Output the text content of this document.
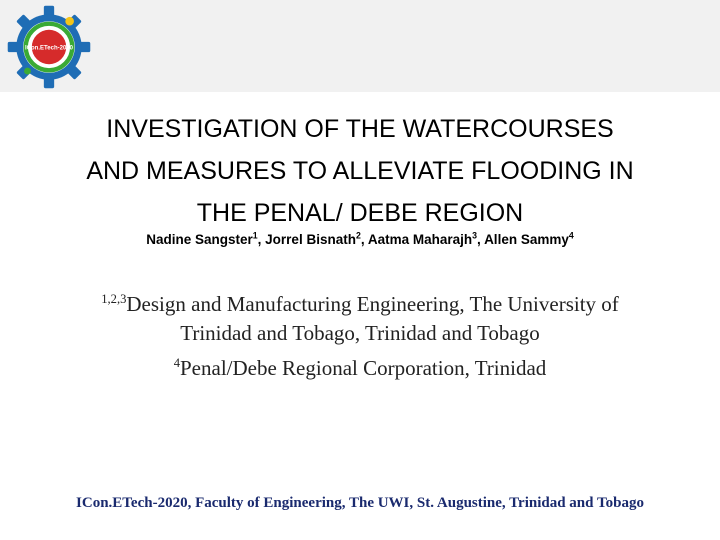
ICon.ETech-2020
INVESTIGATION OF THE WATERCOURSES
AND MEASURES TO ALLEVIATE FLOODING IN
THE PENAL/ DEBE REGION
Nadine Sangster$^1$, Jorrel Bisnath$^2$, Aatma Maharajh$^3$, Allen Sammy$^4$

$^{1,2,3}$Design and Manufacturing Engineering, The University of Trinidad and Tobago, Trinidad and Tobago

$^4$Penal/Debe Regional Corporation, Trinidad

ICon.ETech-2020, Faculty of Engineering, The UWI, St. Augustine, Trinidad and Tobago
